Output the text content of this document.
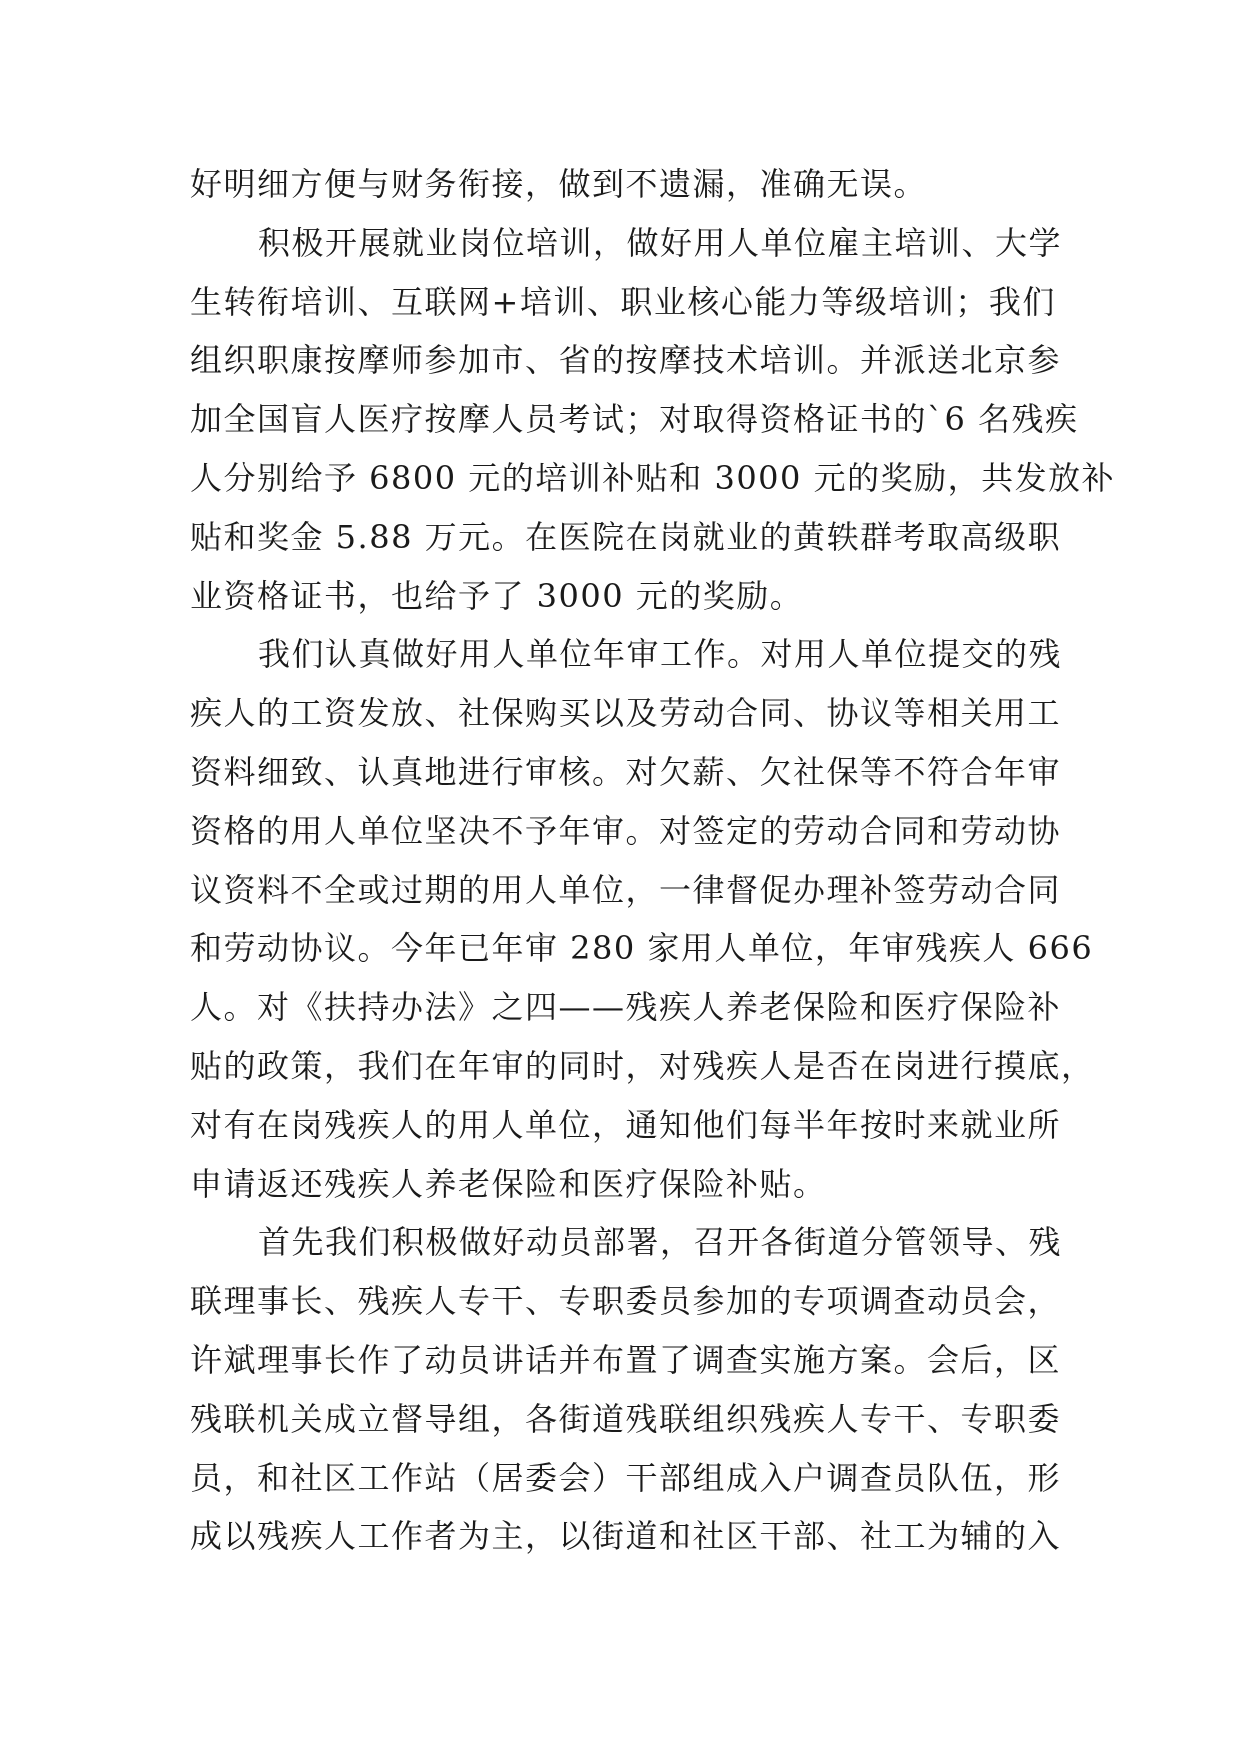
好明细方便与财务衔接，做到不遗漏，准确无误。
积极开展就业岗位培训，做好用人单位雇主培训、大学
生转衔培训、互联网+培训、职业核心能力等级培训；我们
组织职康按摩师参加市、省的按摩技术培训。并派送北京参
加全国盲人医疗按摩人员考试；对取得资格证书的`6 名残疾
人分别给予 6800 元的培训补贴和 3000 元的奖励，共发放补
贴和奖金 5.88 万元。在医院在岗就业的黄轶群考取高级职
业资格证书，也给予了 3000 元的奖励。
我们认真做好用人单位年审工作。对用人单位提交的残
疾人的工资发放、社保购买以及劳动合同、协议等相关用工
资料细致、认真地进行审核。对欠薪、欠社保等不符合年审
资格的用人单位坚决不予年审。对签定的劳动合同和劳动协
议资料不全或过期的用人单位，一律督促办理补签劳动合同
和劳动协议。今年已年审 280 家用人单位，年审残疾人 666
人。对《扶持办法》之四——残疾人养老保险和医疗保险补
贴的政策，我们在年审的同时，对残疾人是否在岗进行摸底，
对有在岗残疾人的用人单位，通知他们每半年按时来就业所
申请返还残疾人养老保险和医疗保险补贴。
首先我们积极做好动员部署，召开各街道分管领导、残
联理事长、残疾人专干、专职委员参加的专项调查动员会，
许斌理事长作了动员讲话并布置了调查实施方案。会后，区
残联机关成立督导组，各街道残联组织残疾人专干、专职委
员，和社区工作站（居委会）干部组成入户调查员队伍，形
成以残疾人工作者为主，以街道和社区干部、社工为辅的入
